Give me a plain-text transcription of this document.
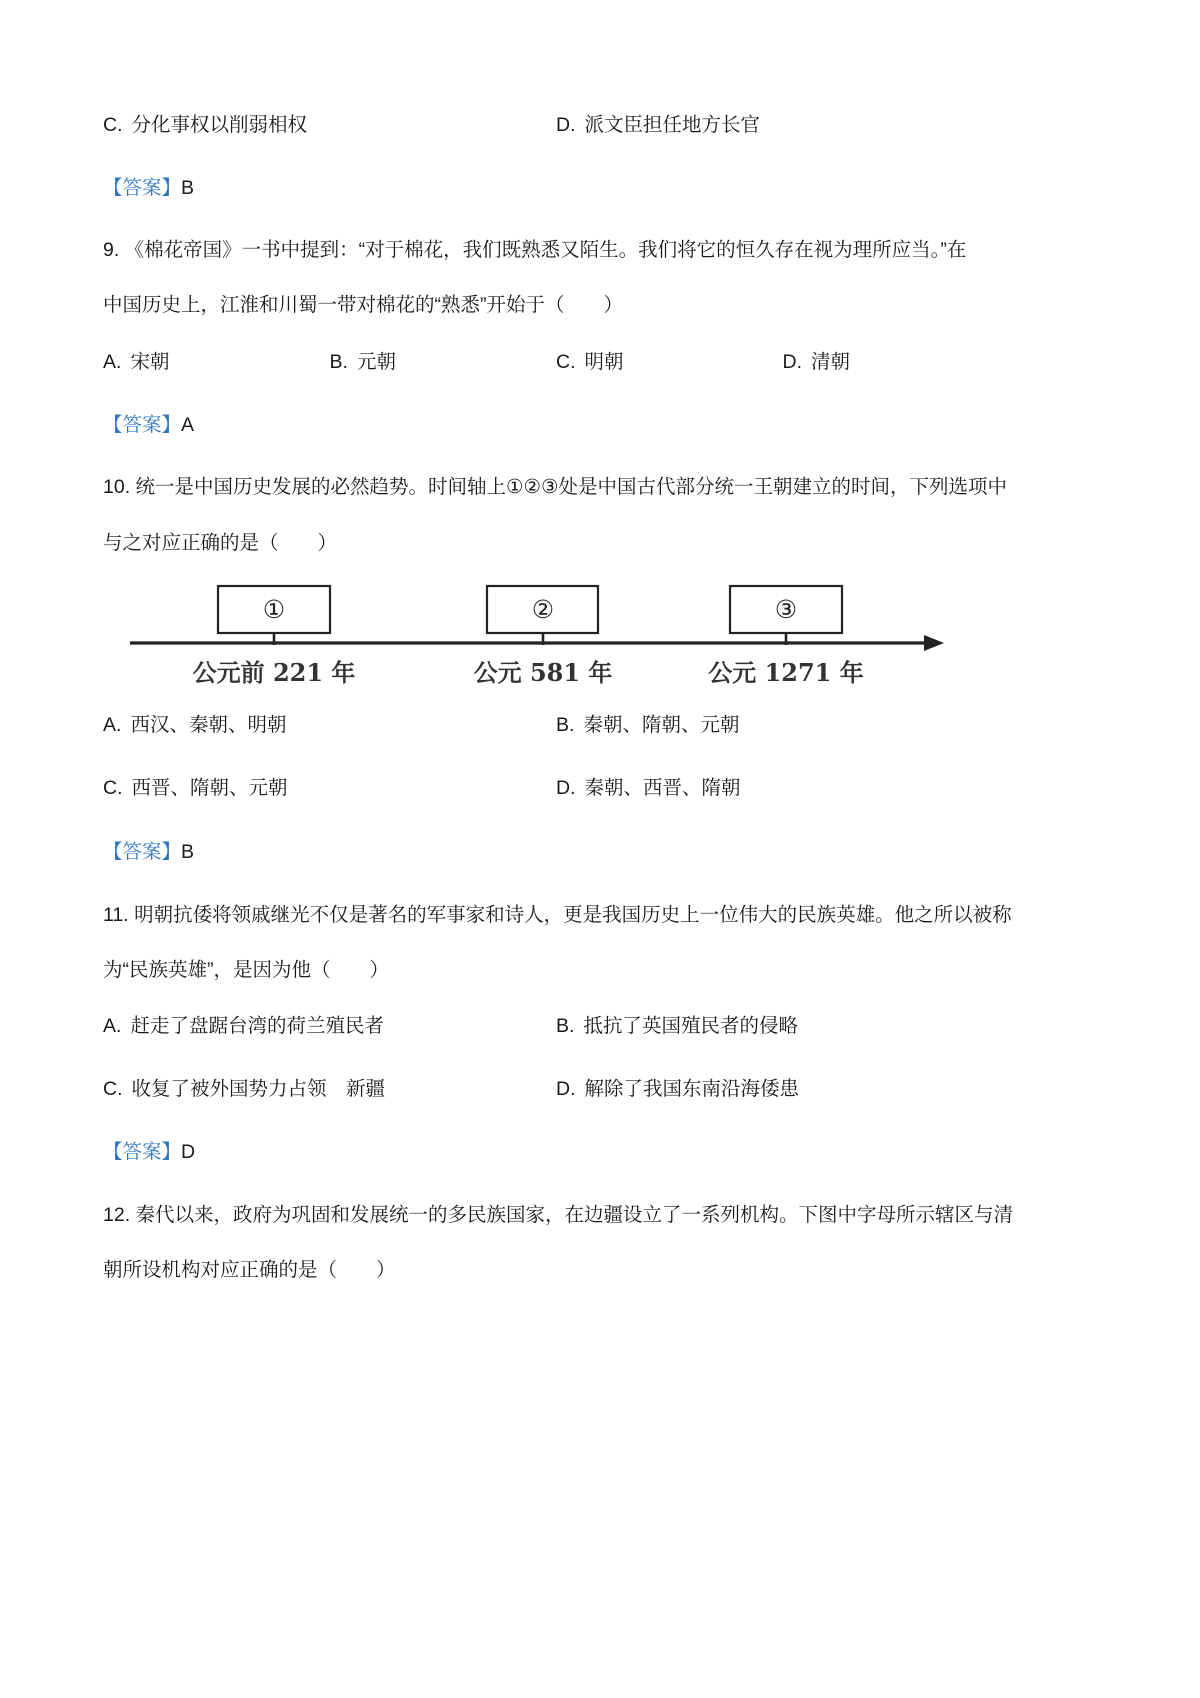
C. 分化事权以削弱相权	D. 派文臣担任地方长官
【答案】B
9. 《棉花帝国》一书中提到：“对于棉花，我们既熟悉又陌生。我们将它的恒久存在视为理所应当。”在
中国历史上，江淮和川蜀一带对棉花的“熟悉”开始于（　　）
A. 宋朝	B. 元朝	C. 明朝	D. 清朝
【答案】A
10. 统一是中国历史发展的必然趋势。时间轴上①②③处是中国古代部分统一王朝建立的时间，下列选项中
与之对应正确的是（　　）
①	②	③
公元前 221 年	公元 581 年	公元 1271 年
A. 西汉、秦朝、明朝	B. 秦朝、隋朝、元朝
C. 西晋、隋朝、元朝	D. 秦朝、西晋、隋朝
【答案】B
11. 明朝抗倭将领戚继光不仅是著名的军事家和诗人，更是我国历史上一位伟大的民族英雄。他之所以被称
为“民族英雄”，是因为他（　　）
A. 赶走了盘踞台湾的荷兰殖民者	B. 抵抗了英国殖民者的侵略
C. 收复了被外国势力占领　新疆	D. 解除了我国东南沿海倭患
【答案】D
12. 秦代以来，政府为巩固和发展统一的多民族国家，在边疆设立了一系列机构。下图中字母所示辖区与清
朝所设机构对应正确的是（　　）
